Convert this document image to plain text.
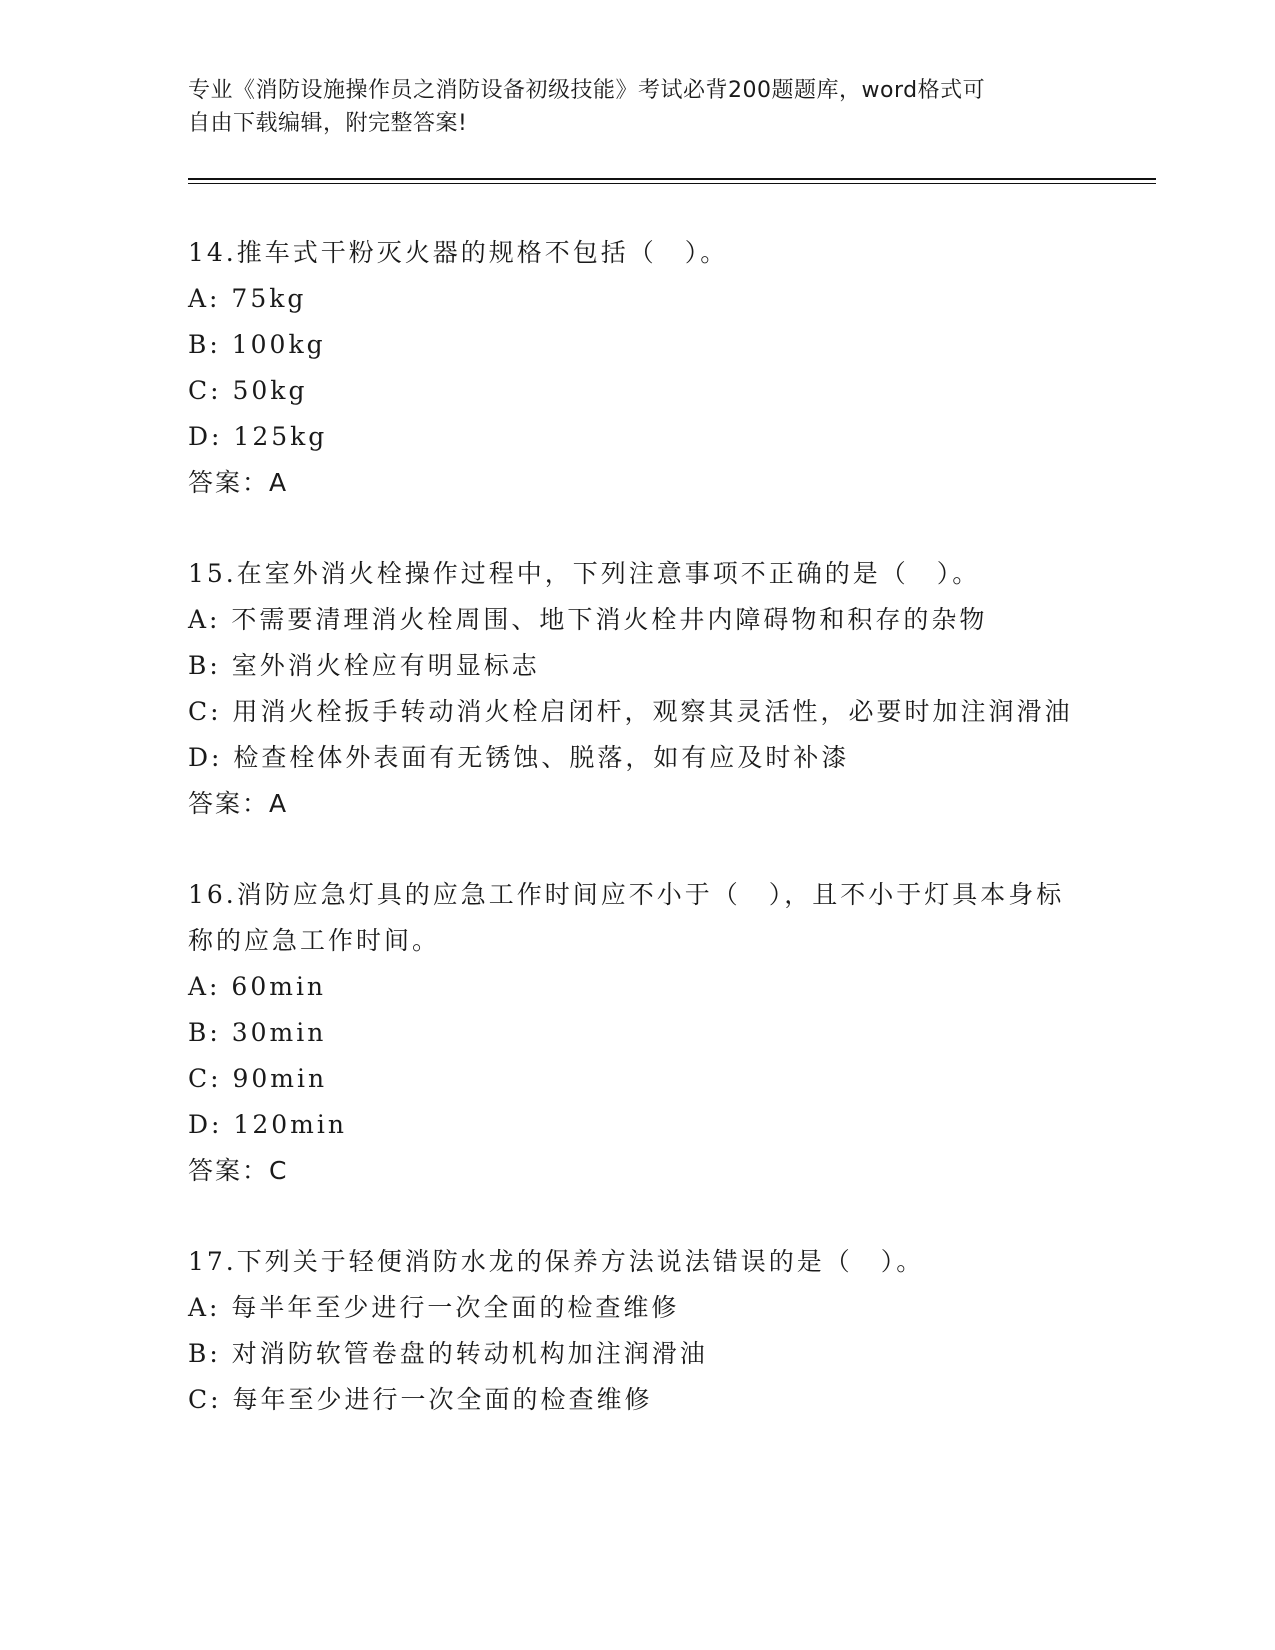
专业《消防设施操作员之消防设备初级技能》考试必背200题题库，word格式可
自由下载编辑，附完整答案!
14.推车式干粉灭火器的规格不包括（　）。
A: 75kg
B: 100kg
C: 50kg
D: 125kg
答案：A
15.在室外消火栓操作过程中，下列注意事项不正确的是（　）。
A: 不需要清理消火栓周围、地下消火栓井内障碍物和积存的杂物
B: 室外消火栓应有明显标志
C: 用消火栓扳手转动消火栓启闭杆，观察其灵活性，必要时加注润滑油
D: 检查栓体外表面有无锈蚀、脱落，如有应及时补漆
答案：A
16.消防应急灯具的应急工作时间应不小于（　），且不小于灯具本身标称的应急工作时间。
A: 60min
B: 30min
C: 90min
D: 120min
答案：C
17.下列关于轻便消防水龙的保养方法说法错误的是（　）。
A: 每半年至少进行一次全面的检查维修
B: 对消防软管卷盘的转动机构加注润滑油
C: 每年至少进行一次全面的检查维修
